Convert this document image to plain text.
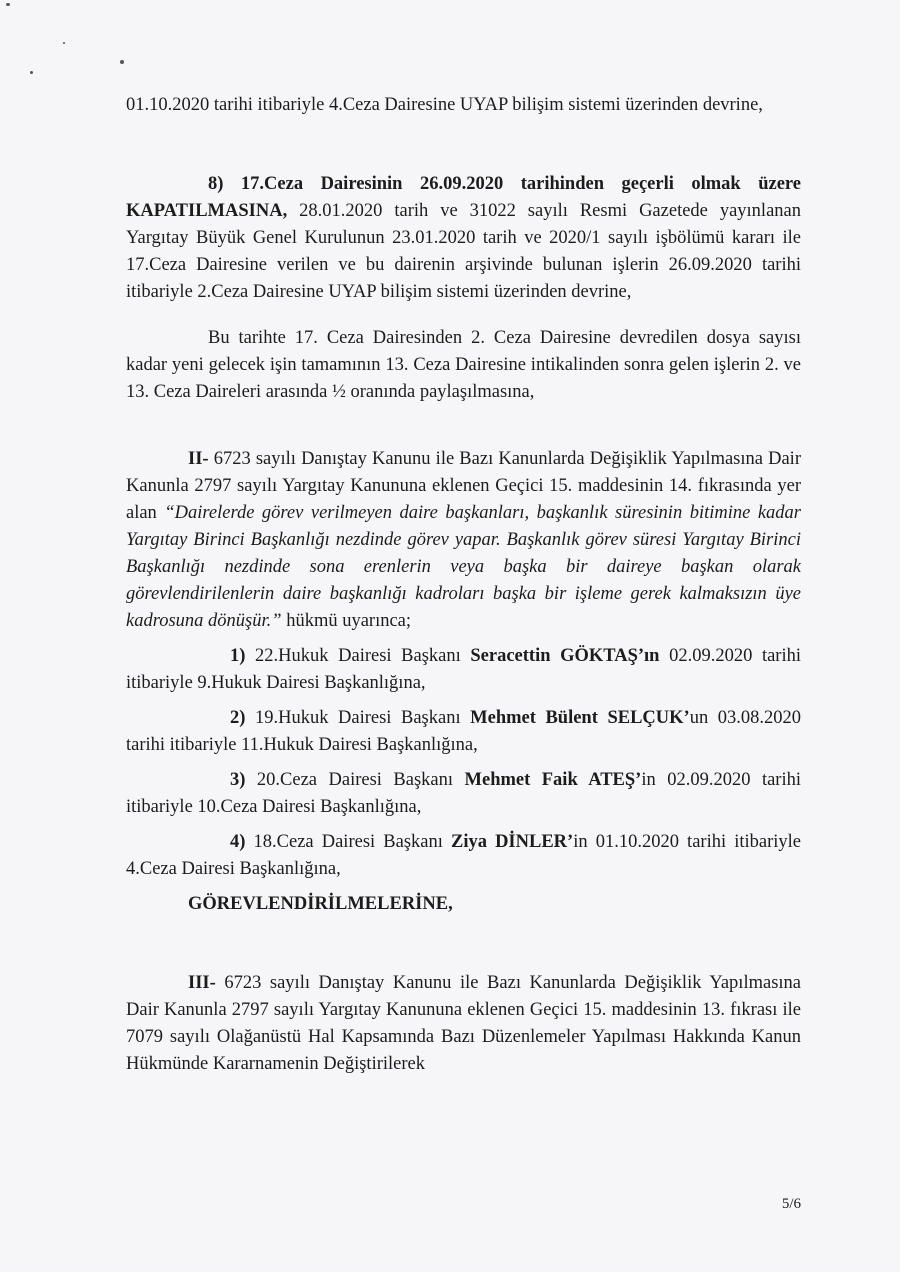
01.10.2020 tarihi itibariyle 4.Ceza Dairesine UYAP bilişim sistemi üzerinden devrine,

8) 17.Ceza Dairesinin 26.09.2020 tarihinden geçerli olmak üzere KAPATILMASINA, 28.01.2020 tarih ve 31022 sayılı Resmi Gazetede yayınlanan Yargıtay Büyük Genel Kurulunun 23.01.2020 tarih ve 2020/1 sayılı işbölümü kararı ile 17.Ceza Dairesine verilen ve bu dairenin arşivinde bulunan işlerin 26.09.2020 tarihi itibariyle 2.Ceza Dairesine UYAP bilişim sistemi üzerinden devrine,

Bu tarihte 17. Ceza Dairesinden 2. Ceza Dairesine devredilen dosya sayısı kadar yeni gelecek işin tamamının 13. Ceza Dairesine intikalinden sonra gelen işlerin 2. ve 13. Ceza Daireleri arasında ½ oranında paylaşılmasına,

II- 6723 sayılı Danıştay Kanunu ile Bazı Kanunlarda Değişiklik Yapılmasına Dair Kanunla 2797 sayılı Yargıtay Kanununa eklenen Geçici 15. maddesinin 14. fıkrasında yer alan “Dairelerde görev verilmeyen daire başkanları, başkanlık süresinin bitimine kadar Yargıtay Birinci Başkanlığı nezdinde görev yapar. Başkanlık görev süresi Yargıtay Birinci Başkanlığı nezdinde sona erenlerin veya başka bir daireye başkan olarak görevlendirilenlerin daire başkanlığı kadroları başka bir işleme gerek kalmaksızın üye kadrosuna dönüşür.” hükmü uyarınca;

1) 22.Hukuk Dairesi Başkanı Seracettin GÖKTAŞ’ın 02.09.2020 tarihi itibariyle 9.Hukuk Dairesi Başkanlığına,

2) 19.Hukuk Dairesi Başkanı Mehmet Bülent SELÇUK’un 03.08.2020 tarihi itibariyle 11.Hukuk Dairesi Başkanlığına,

3) 20.Ceza Dairesi Başkanı Mehmet Faik ATEŞ’in 02.09.2020 tarihi itibariyle 10.Ceza Dairesi Başkanlığına,

4) 18.Ceza Dairesi Başkanı Ziya DİNLER’in 01.10.2020 tarihi itibariyle 4.Ceza Dairesi Başkanlığına,

GÖREVLENDİRİLMELERİNE,

III- 6723 sayılı Danıştay Kanunu ile Bazı Kanunlarda Değişiklik Yapılmasına Dair Kanunla 2797 sayılı Yargıtay Kanununa eklenen Geçici 15. maddesinin 13. fıkrası ile 7079 sayılı Olağanüstü Hal Kapsamında Bazı Düzenlemeler Yapılması Hakkında Kanun Hükmünde Kararnamenin Değiştirilerek

5/6
